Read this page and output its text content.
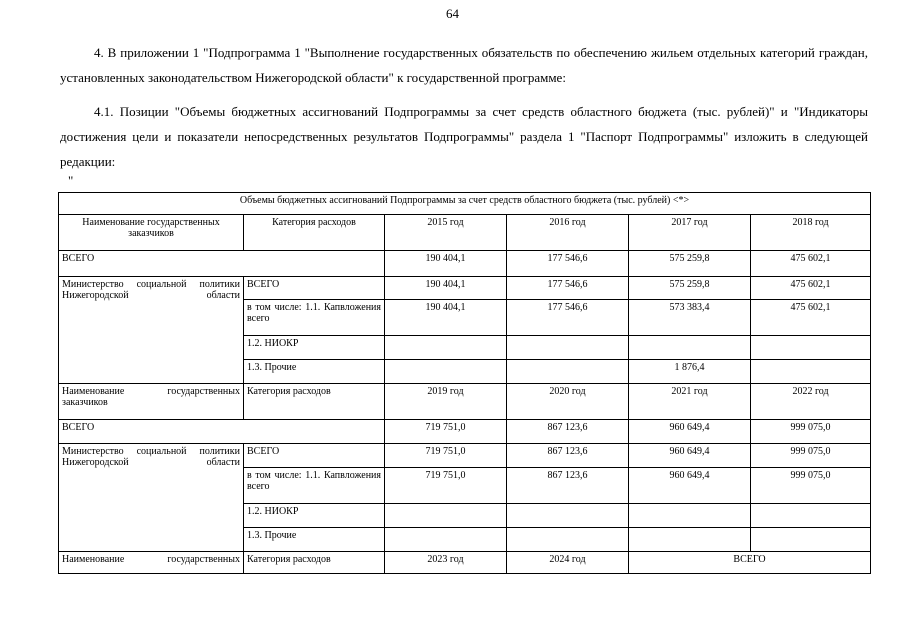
64
4. В приложении 1 "Подпрограмма 1 "Выполнение государственных обязательств по обеспечению жильем отдельных категорий граждан, установленных законодательством Нижегородской области" к государственной программе:
4.1. Позиции "Объемы бюджетных ассигнований Подпрограммы за счет средств областного бюджета (тыс. рублей)" и "Индикаторы достижения цели и показатели непосредственных результатов Подпрограммы" раздела 1 "Паспорт Подпрограммы" изложить в следующей редакции:
"
Объемы бюджетных ассигнований Подпрограммы за счет средств областного бюджета (тыс. рублей) <*>					
Наименование государственных заказчиков	Категория расходов	2015 год	2016 год	2017 год	2018 год
ВСЕГО		190 404,1	177 546,6	575 259,8	475 602,1
Министерство социальной политики Нижегородской области	ВСЕГО	190 404,1	177 546,6	575 259,8	475 602,1
	в том числе: 1.1. Капвложения всего	190 404,1	177 546,6	573 383,4	475 602,1
	1.2. НИОКР				
	1.3. Прочие			1 876,4	
Наименование государственных заказчиков	Категория расходов	2019 год	2020 год	2021 год	2022 год
ВСЕГО		719 751,0	867 123,6	960 649,4	999 075,0
Министерство социальной политики Нижегородской области	ВСЕГО	719 751,0	867 123,6	960 649,4	999 075,0
	в том числе: 1.1. Капвложения всего	719 751,0	867 123,6	960 649,4	999 075,0
	1.2. НИОКР				
	1.3. Прочие				
Наименование государственных	Категория расходов	2023 год	2024 год	ВСЕГО	
